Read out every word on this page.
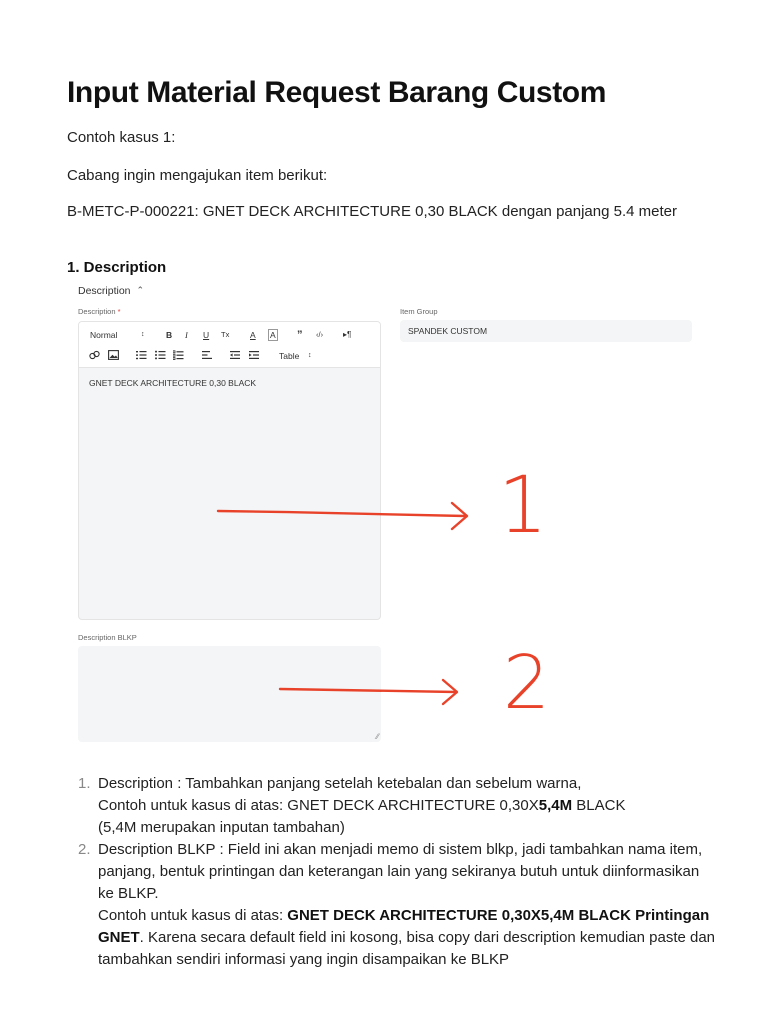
Input Material Request Barang Custom

Contoh kasus 1:

Cabang ingin mengajukan item berikut:

B-METC-P-000221: GNET DECK ARCHITECTURE 0,30 BLACK dengan panjang 5.4 meter

1. Description
Description ⌃
Description *	Item Group
SPANDEK CUSTOM
Normal	↕	B I U Tx A A ” ‹/› ▸¶
Table ↕
GNET DECK ARCHITECTURE 0,30 BLACK
Description BLKP
∕∕
1
2
1. Description : Tambahkan panjang setelah ketebalan dan sebelum warna,
Contoh untuk kasus di atas: GNET DECK ARCHITECTURE 0,30X5,4M BLACK
(5,4M merupakan inputan tambahan)
2. Description BLKP : Field ini akan menjadi memo di sistem blkp, jadi tambahkan nama item, panjang, bentuk printingan dan keterangan lain yang sekiranya butuh untuk diinformasikan ke BLKP.
Contoh untuk kasus di atas: GNET DECK ARCHITECTURE 0,30X5,4M BLACK Printingan GNET. Karena secara default field ini kosong, bisa copy dari description kemudian paste dan tambahkan sendiri informasi yang ingin disampaikan ke BLKP
